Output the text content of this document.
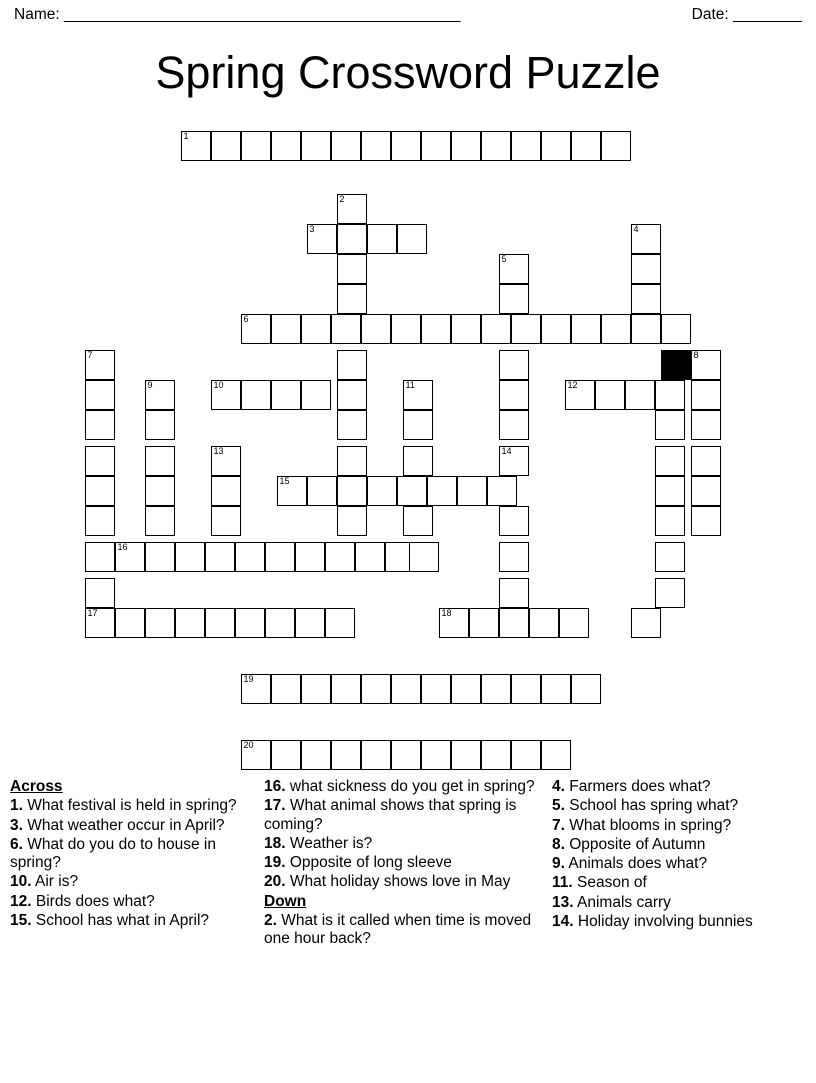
Name: ______________________________________________	Date: ________
Spring Crossword Puzzle
1
2
3	4
5
6
7	8
9	10	11	12
13	14
15
16
17	18
19
20
Across
1. What festival is held in spring?
3. What weather occur in April?
6. What do you do to house in spring?
10. Air is?
12. Birds does what?
15. School has what in April?
16. what sickness do you get in spring?
17. What animal shows that spring is coming?
18. Weather is?
19. Opposite of long sleeve
20. What holiday shows love in May
Down
2. What is it called when time is moved one hour back?
4. Farmers does what?
5. School has spring what?
7. What blooms in spring?
8. Opposite of Autumn
9. Animals does what?
11. Season of
13. Animals carry
14. Holiday involving bunnies
